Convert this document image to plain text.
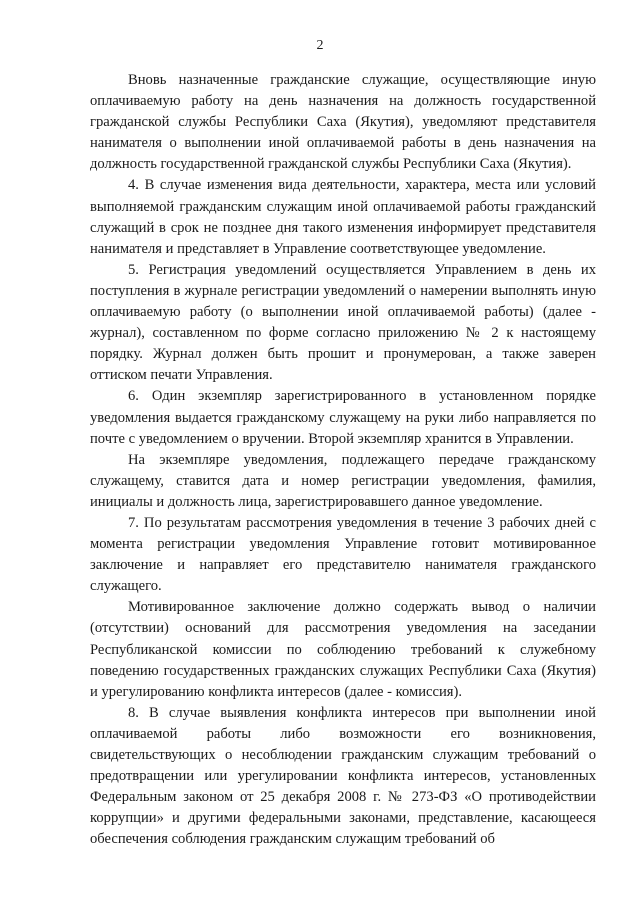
2

Вновь назначенные гражданские служащие, осуществляющие иную оплачиваемую работу на день назначения на должность государственной гражданской службы Республики Саха (Якутия), уведомляют представителя нанимателя о выполнении иной оплачиваемой работы в день назначения на должность государственной гражданской службы Республики Саха (Якутия).

4. В случае изменения вида деятельности, характера, места или условий выполняемой гражданским служащим иной оплачиваемой работы гражданский служащий в срок не позднее дня такого изменения информирует представителя нанимателя и представляет в Управление соответствующее уведомление.

5. Регистрация уведомлений осуществляется Управлением в день их поступления в журнале регистрации уведомлений о намерении выполнять иную оплачиваемую работу (о выполнении иной оплачиваемой работы) (далее - журнал), составленном по форме согласно приложению № 2 к настоящему порядку. Журнал должен быть прошит и пронумерован, а также заверен оттиском печати Управления.

6. Один экземпляр зарегистрированного в установленном порядке уведомления выдается гражданскому служащему на руки либо направляется по почте с уведомлением о вручении. Второй экземпляр хранится в Управлении.

На экземпляре уведомления, подлежащего передаче гражданскому служащему, ставится дата и номер регистрации уведомления, фамилия, инициалы и должность лица, зарегистрировавшего данное уведомление.

7. По результатам рассмотрения уведомления в течение 3 рабочих дней с момента регистрации уведомления Управление готовит мотивированное заключение и направляет его представителю нанимателя гражданского служащего.

Мотивированное заключение должно содержать вывод о наличии (отсутствии) оснований для рассмотрения уведомления на заседании Республиканской комиссии по соблюдению требований к служебному поведению государственных гражданских служащих Республики Саха (Якутия) и урегулированию конфликта интересов (далее - комиссия).

8. В случае выявления конфликта интересов при выполнении иной оплачиваемой работы либо возможности его возникновения, свидетельствующих о несоблюдении гражданским служащим требований о предотвращении или урегулировании конфликта интересов, установленных Федеральным законом от 25 декабря 2008 г. № 273-ФЗ «О противодействии коррупции» и другими федеральными законами, представление, касающееся обеспечения соблюдения гражданским служащим требований об
